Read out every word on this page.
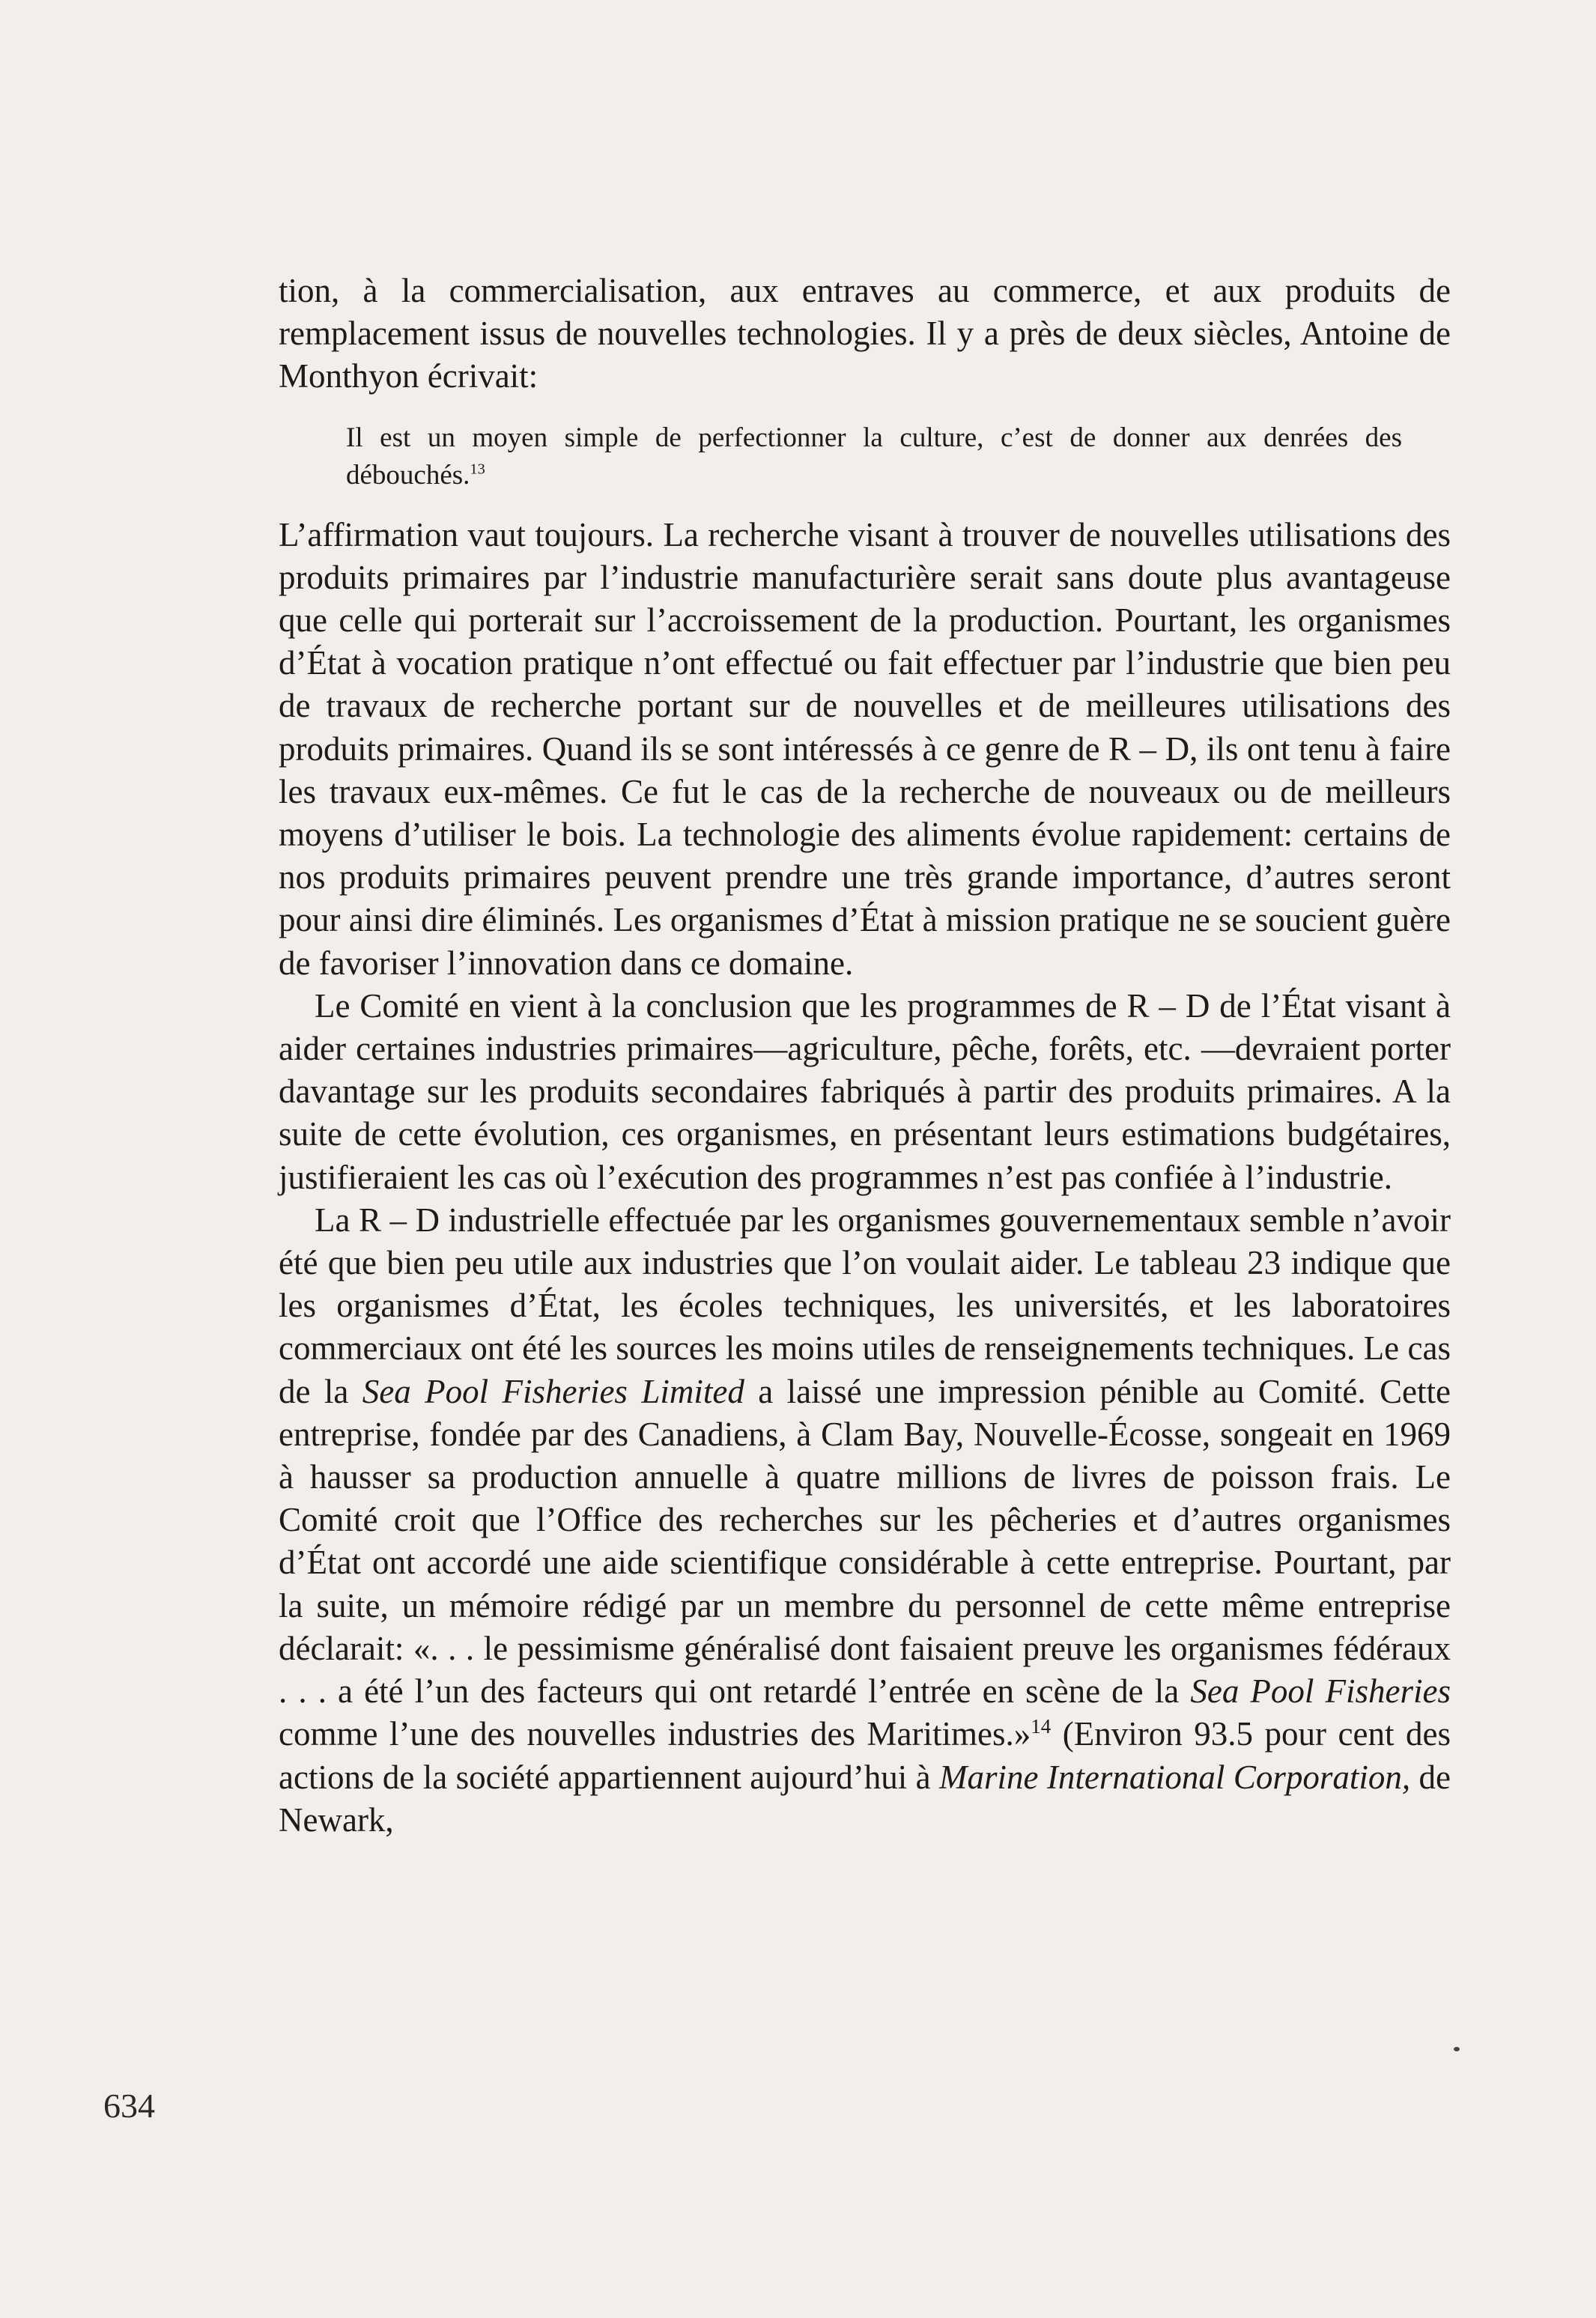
tion, à la commercialisation, aux entraves au commerce, et aux produits de remplacement issus de nouvelles technologies. Il y a près de deux siècles, Antoine de Monthyon écrivait:

Il est un moyen simple de perfectionner la culture, c’est de donner aux denrées des débouchés.$^{13}$

L’affirmation vaut toujours. La recherche visant à trouver de nouvelles utilisations des produits primaires par l’industrie manufacturière serait sans doute plus avantageuse que celle qui porterait sur l’accroissement de la production. Pourtant, les organismes d’État à vocation pratique n’ont effectué ou fait effectuer par l’industrie que bien peu de travaux de recherche portant sur de nouvelles et de meilleures utilisations des produits primaires. Quand ils se sont intéressés à ce genre de R – D, ils ont tenu à faire les travaux eux-mêmes. Ce fut le cas de la recherche de nouveaux ou de meilleurs moyens d’utiliser le bois. La technologie des aliments évolue rapidement: certains de nos produits primaires peuvent prendre une très grande importance, d’autres seront pour ainsi dire éliminés. Les organismes d’État à mission pratique ne se soucient guère de favoriser l’innovation dans ce domaine.

Le Comité en vient à la conclusion que les programmes de R – D de l’État visant à aider certaines industries primaires—agriculture, pêche, forêts, etc. —devraient porter davantage sur les produits secondaires fabriqués à partir des produits primaires. A la suite de cette évolution, ces organismes, en présentant leurs estimations budgétaires, justifieraient les cas où l’exécution des programmes n’est pas confiée à l’industrie.

La R – D industrielle effectuée par les organismes gouvernementaux semble n’avoir été que bien peu utile aux industries que l’on voulait aider. Le tableau 23 indique que les organismes d’État, les écoles techniques, les universités, et les laboratoires commerciaux ont été les sources les moins utiles de renseignements techniques. Le cas de la Sea Pool Fisheries Limited a laissé une impression pénible au Comité. Cette entreprise, fondée par des Canadiens, à Clam Bay, Nouvelle-Écosse, songeait en 1969 à hausser sa production annuelle à quatre millions de livres de poisson frais. Le Comité croit que l’Office des recherches sur les pêcheries et d’autres organismes d’État ont accordé une aide scientifique considérable à cette entreprise. Pourtant, par la suite, un mémoire rédigé par un membre du personnel de cette même entreprise déclarait: «. . . le pessimisme généralisé dont faisaient preuve les organismes fédéraux . . . a été l’un des facteurs qui ont retardé l’entrée en scène de la Sea Pool Fisheries comme l’une des nouvelles industries des Maritimes.»$^{14}$ (Environ 93.5 pour cent des actions de la société appartiennent aujourd’hui à Marine International Corporation, de Newark,

634
